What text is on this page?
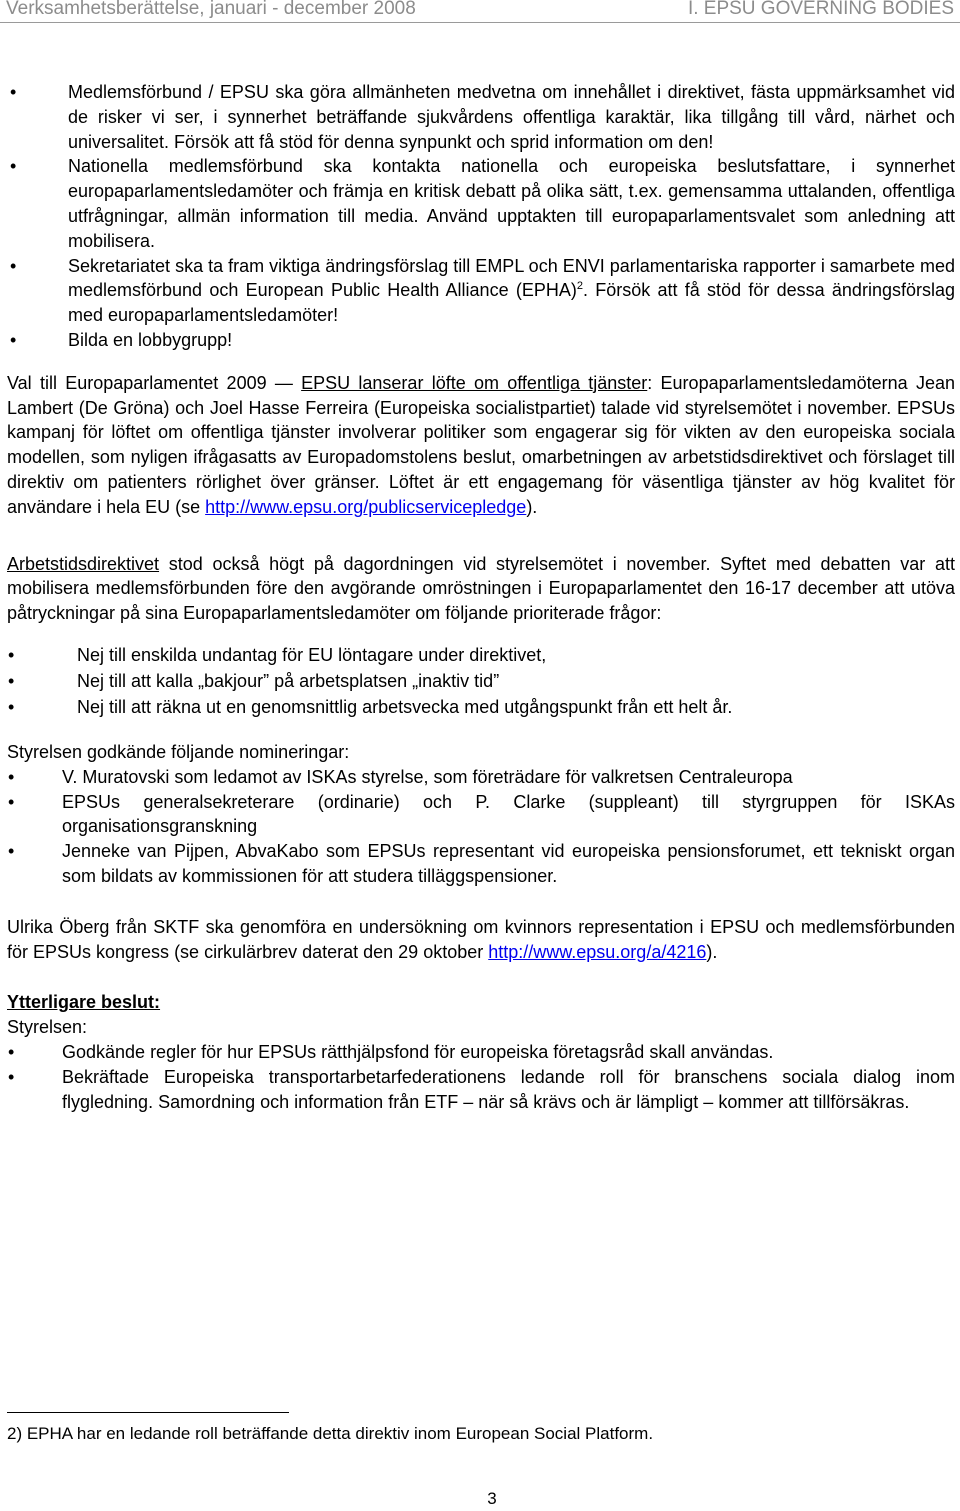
Verksamhetsberättelse, januari - december 2008	I. EPSU GOVERNING BODIES
•	Medlemsförbund / EPSU ska göra allmänheten medvetna om innehållet i direktivet, fästa uppmärksamhet vid de risker vi ser, i synnerhet beträffande sjukvårdens offentliga karaktär, lika tillgång till vård, närhet och universalitet. Försök att få stöd för denna synpunkt och sprid information om den!
•	Nationella medlemsförbund ska kontakta nationella och europeiska beslutsfattare, i synnerhet europaparlamentsledamöter och främja en kritisk debatt på olika sätt, t.ex. gemensamma uttalanden, offentliga utfrågningar, allmän information till media. Använd upptakten till europaparlamentsvalet som anledning att mobilisera.
•	Sekretariatet ska ta fram viktiga ändringsförslag till EMPL och ENVI parlamentariska rapporter i samarbete med medlemsförbund och European Public Health Alliance (EPHA)$^2$. Försök att få stöd för dessa ändringsförslag med europaparlamentsledamöter!
•	Bilda en lobbygrupp!

Val till Europaparlamentet 2009 — EPSU lanserar löfte om offentliga tjänster: Europaparlamentsledamöterna Jean Lambert (De Gröna) och Joel Hasse Ferreira (Europeiska socialistpartiet) talade vid styrelsemötet i november. EPSUs kampanj för löftet om offentliga tjänster involverar politiker som engagerar sig för vikten av den europeiska sociala modellen, som nyligen ifrågasatts av Europadomstolens beslut, omarbetningen av arbetstidsdirektivet och förslaget till direktiv om patienters rörlighet över gränser. Löftet är ett engagemang för väsentliga tjänster av hög kvalitet för användare i hela EU (se http://www.epsu.org/publicservicepledge).

Arbetstidsdirektivet stod också högt på dagordningen vid styrelsemötet i november. Syftet med debatten var att mobilisera medlemsförbunden före den avgörande omröstningen i Europaparlamentet den 16-17 december att utöva påtryckningar på sina Europaparlamentsledamöter om följande prioriterade frågor:

•	Nej till enskilda undantag för EU löntagare under direktivet,
•	Nej till att kalla „bakjour” på arbetsplatsen „inaktiv tid”
•	Nej till att räkna ut en genomsnittlig arbetsvecka med utgångspunkt från ett helt år.

Styrelsen godkände följande nomineringar:

•	V. Muratovski som ledamot av ISKAs styrelse, som företrädare för valkretsen Centraleuropa
•	EPSUs generalsekreterare (ordinarie) och P. Clarke (suppleant) till styrgruppen för ISKAs organisationsgranskning
•	Jenneke van Pijpen, AbvaKabo som EPSUs representant vid europeiska pensionsforumet, ett tekniskt organ som bildats av kommissionen för att studera tilläggspensioner.

Ulrika Öberg från SKTF ska genomföra en undersökning om kvinnors representation i EPSU och medlemsförbunden för EPSUs kongress (se cirkulärbrev daterat den 29 oktober http://www.epsu.org/a/4216).

Ytterligare beslut:

Styrelsen:

•	Godkände regler för hur EPSUs rätthjälpsfond för europeiska företagsråd skall användas.
•	Bekräftade Europeiska transportarbetarfederationens ledande roll för branschens sociala dialog inom flygledning. Samordning och information från ETF – när så krävs och är lämpligt – kommer att tillförsäkras.
2) EPHA har en ledande roll beträffande detta direktiv inom European Social Platform.
3
